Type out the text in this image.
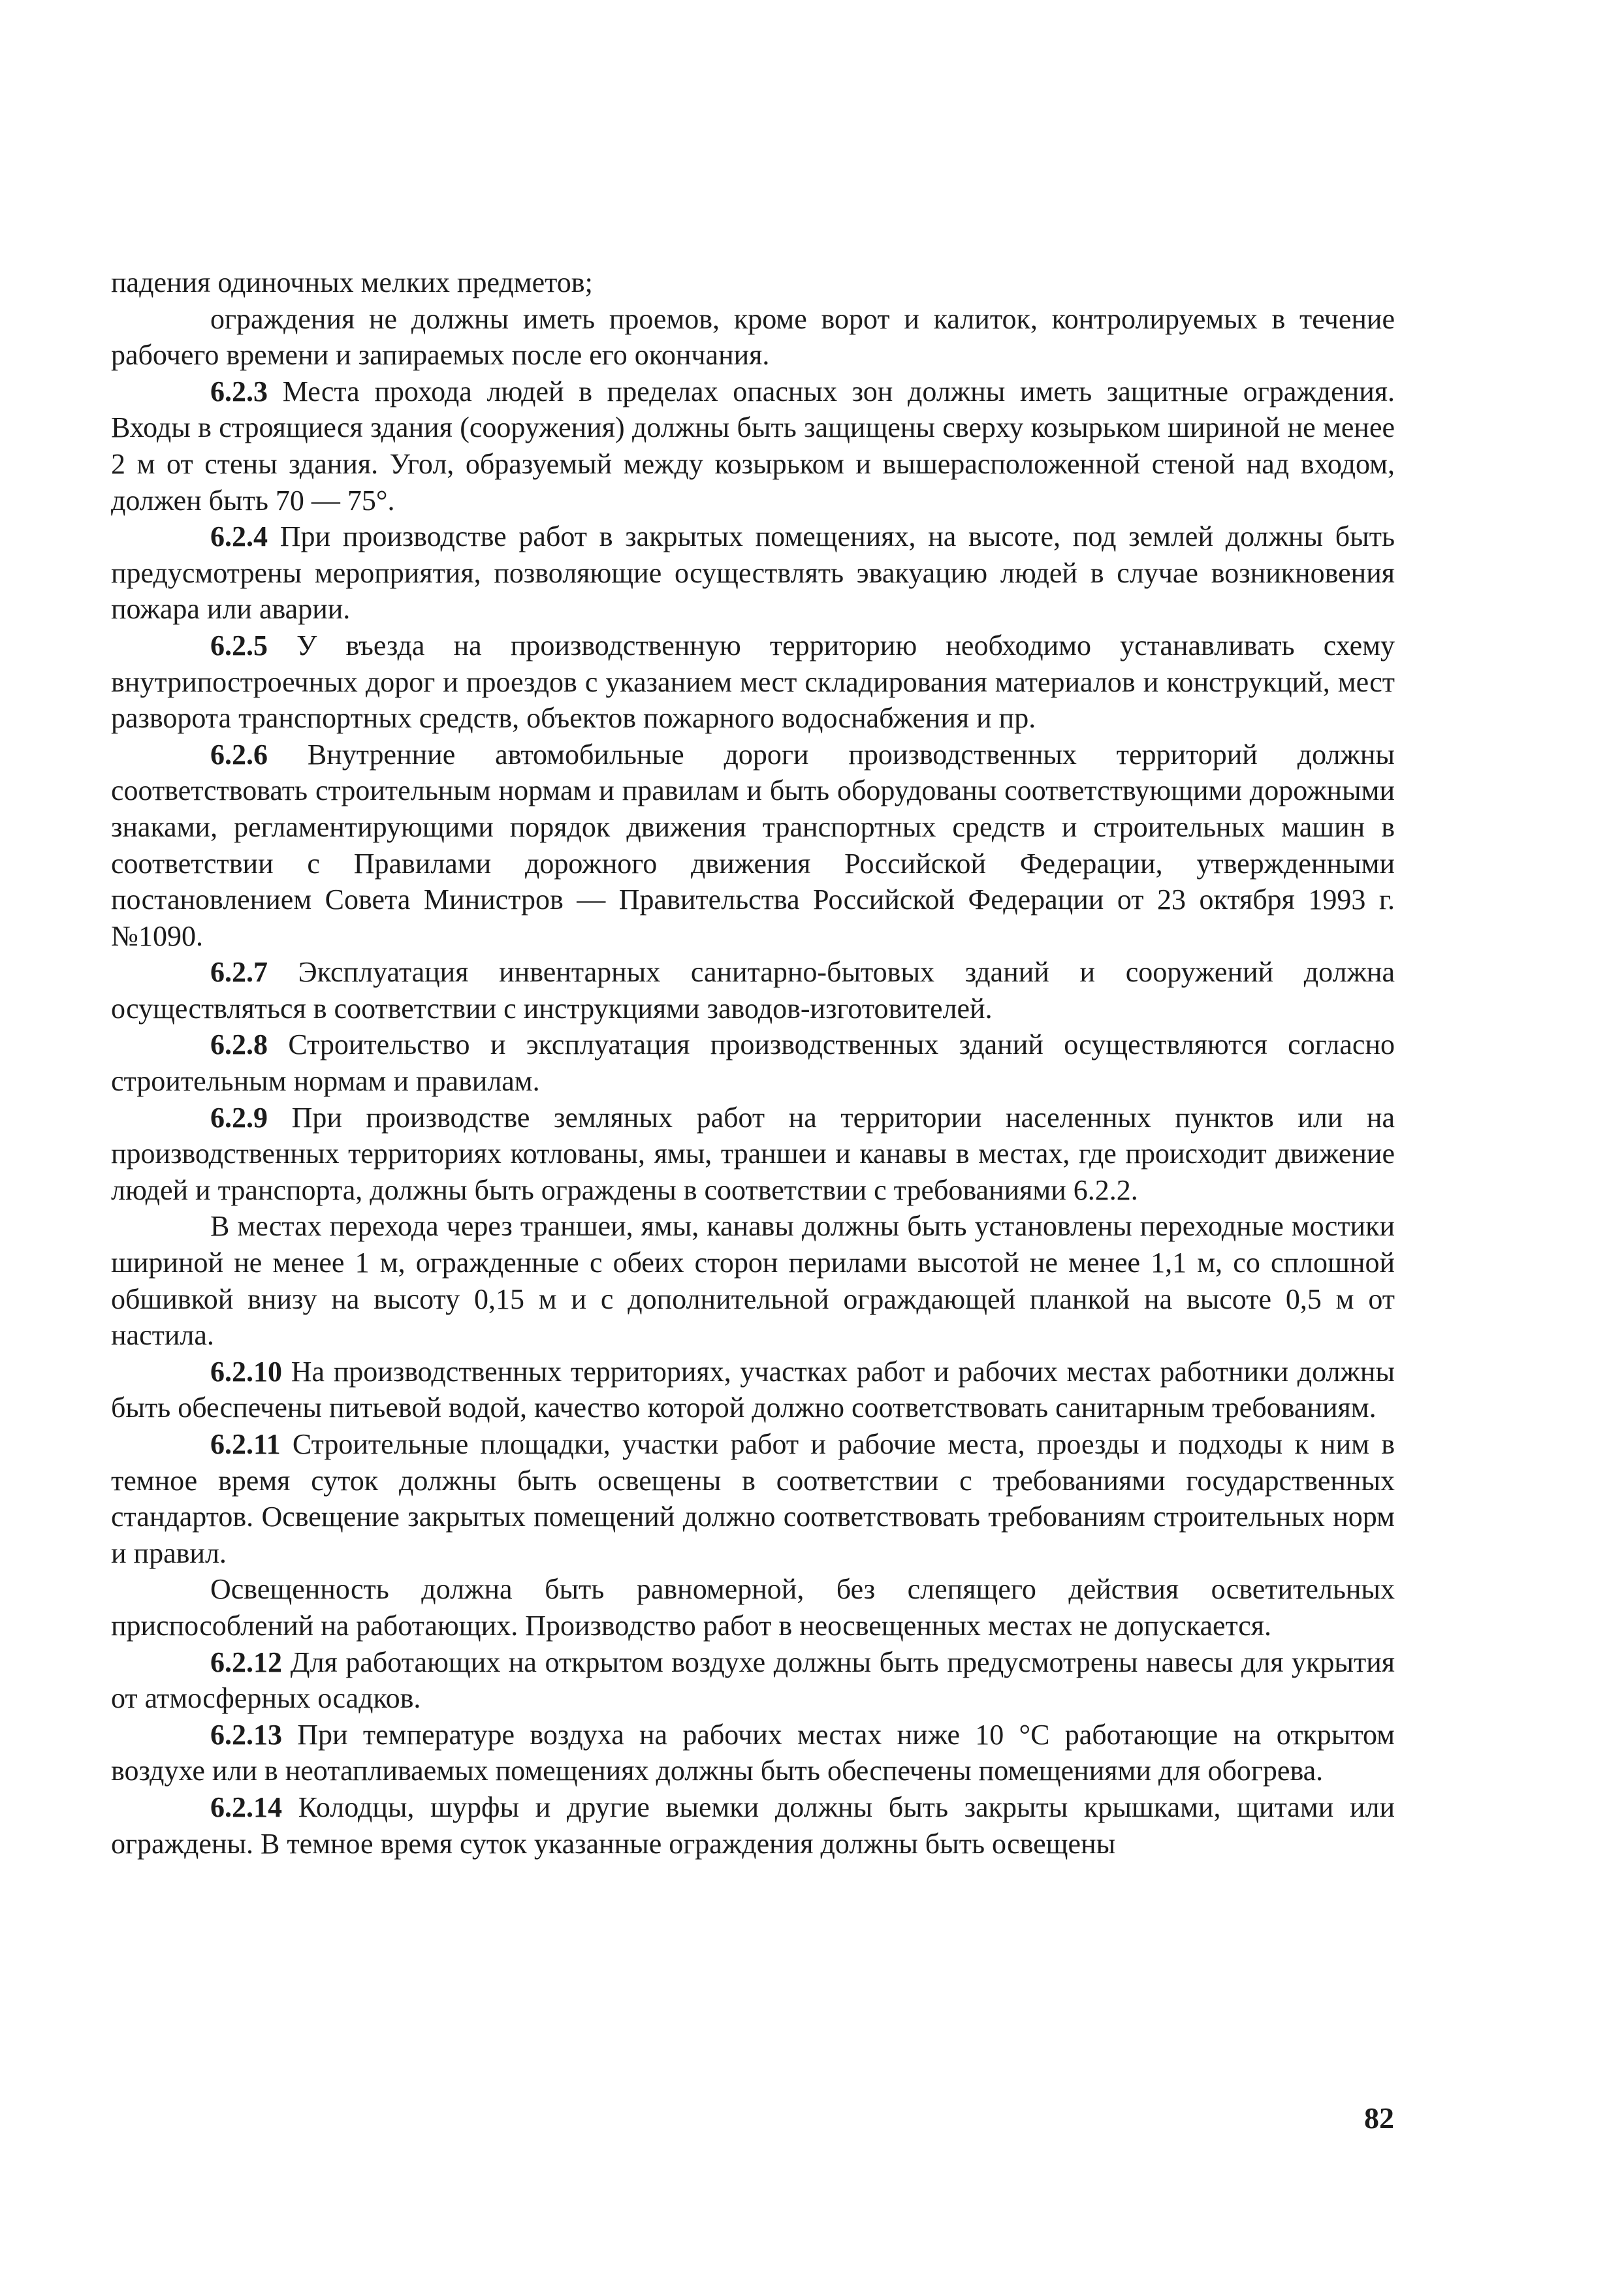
падения одиночных мелких предметов;

ограждения не должны иметь проемов, кроме ворот и калиток, контролируемых в течение рабочего времени и запираемых после его окончания.

6.2.3 Места прохода людей в пределах опасных зон должны иметь защитные ограждения. Входы в строящиеся здания (сооружения) должны быть защищены сверху козырьком шириной не менее 2 м от стены здания. Угол, образуемый между козырьком и вышерасположенной стеной над входом, должен быть 70 — 75°.

6.2.4 При производстве работ в закрытых помещениях, на высоте, под землей должны быть предусмотрены мероприятия, позволяющие осуществлять эвакуацию людей в случае возникновения пожара или аварии.

6.2.5 У въезда на производственную территорию необходимо устанавливать схему внутрипостроечных дорог и проездов с указанием мест складирования материалов и конструкций, мест разворота транспортных средств, объектов пожарного водоснабжения и пр.

6.2.6 Внутренние автомобильные дороги производственных территорий должны соответствовать строительным нормам и правилам и быть оборудованы соответствующими дорожными знаками, регламентирующими порядок движения транспортных средств и строительных машин в соответствии с Правилами дорожного движения Российской Федерации, утвержденными постановлением Совета Министров — Правительства Российской Федерации от 23 октября 1993 г. №1090.

6.2.7 Эксплуатация инвентарных санитарно-бытовых зданий и сооружений должна осуществляться в соответствии с инструкциями заводов-изготовителей.

6.2.8 Строительство и эксплуатация производственных зданий осуществляются согласно строительным нормам и правилам.

6.2.9 При производстве земляных работ на территории населенных пунктов или на производственных территориях котлованы, ямы, траншеи и канавы в местах, где происходит движение людей и транспорта, должны быть ограждены в соответствии с требованиями 6.2.2.

В местах перехода через траншеи, ямы, канавы должны быть установлены переходные мостики шириной не менее 1 м, огражденные с обеих сторон перилами высотой не менее 1,1 м, со сплошной обшивкой внизу на высоту 0,15 м и с дополнительной ограждающей планкой на высоте 0,5 м от настила.

6.2.10 На производственных территориях, участках работ и рабочих местах работники должны быть обеспечены питьевой водой, качество которой должно соответствовать санитарным требованиям.

6.2.11 Строительные площадки, участки работ и рабочие места, проезды и подходы к ним в темное время суток должны быть освещены в соответствии с требованиями государственных стандартов. Освещение закрытых помещений должно соответствовать требованиям строительных норм и правил.

Освещенность должна быть равномерной, без слепящего действия осветительных приспособлений на работающих. Производство работ в неосвещенных местах не допускается.

6.2.12 Для работающих на открытом воздухе должны быть предусмотрены навесы для укрытия от атмосферных осадков.

6.2.13 При температуре воздуха на рабочих местах ниже 10 °С работающие на открытом воздухе или в неотапливаемых помещениях должны быть обеспечены помещениями для обогрева.

6.2.14 Колодцы, шурфы и другие выемки должны быть закрыты крышками, щитами или ограждены. В темное время суток указанные ограждения должны быть освещены

82
